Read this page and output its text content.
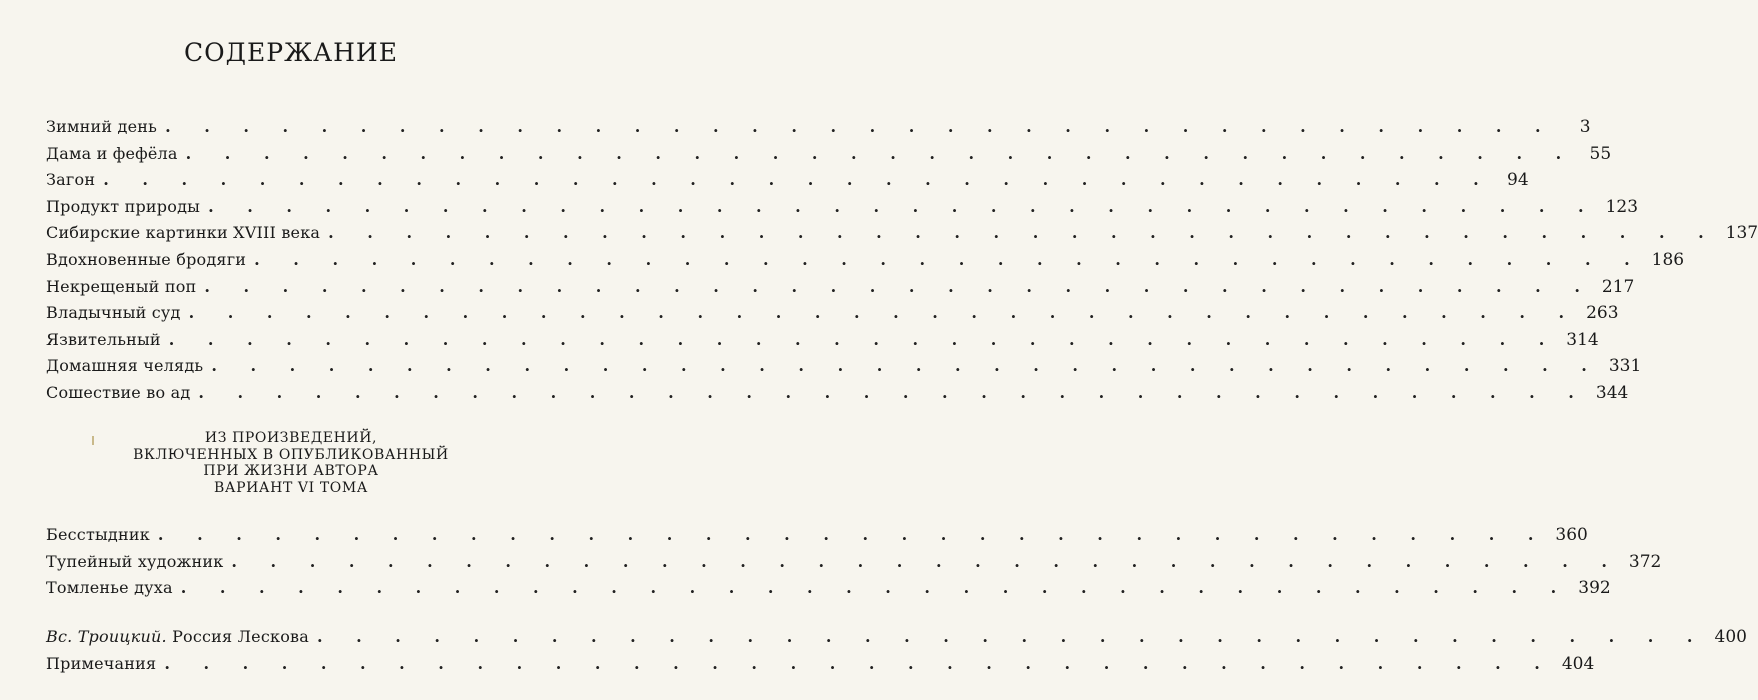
СОДЕРЖАНИЕ
Зимний день . . . . . . . . . . . . . . . . . . . . . . . . . . . . . . . . . . . .	3
Дама и фефёла . . . . . . . . . . . . . . . . . . . . . . . . . . . . . . . . . . . . 55
Загон . . . . . . . . . . . . . . . . . . . . . . . . . . . . . . . . . . . . 94
Продукт природы . . . . . . . . . . . . . . . . . . . . . . . . . . . . . . . . . . . . 123
Сибирские картинки XVIII века . . . . . . . . . . . . . . . . . . . . . . . . . . . . . . . . . . . . 137
Вдохновенные бродяги . . . . . . . . . . . . . . . . . . . . . . . . . . . . . . . . . . . . 186
Некрещеный поп . . . . . . . . . . . . . . . . . . . . . . . . . . . . . . . . . . . . 217
Владычный суд . . . . . . . . . . . . . . . . . . . . . . . . . . . . . . . . . . . . 263
Язвительный . . . . . . . . . . . . . . . . . . . . . . . . . . . . . . . . . . . . 314
Домашняя челядь . . . . . . . . . . . . . . . . . . . . . . . . . . . . . . . . . . . . 331
Сошествие во ад . . . . . . . . . . . . . . . . . . . . . . . . . . . . . . . . . . . . 344
ИЗ ПРОИЗВЕДЕНИЙ,
ВКЛЮЧЕННЫХ В ОПУБЛИКОВАННЫЙ
ПРИ ЖИЗНИ АВТОРА
ВАРИАНТ VI ТОМА
Бесстыдник . . . . . . . . . . . . . . . . . . . . . . . . . . . . . . . . . . . . 360
Тупейный художник . . . . . . . . . . . . . . . . . . . . . . . . . . . . . . . . . . . . 372
Томленье духа . . . . . . . . . . . . . . . . . . . . . . . . . . . . . . . . . . . . 392
Вс. Троицкий. Россия Лескова . . . . . . . . . . . . . . . . . . . . . . . . . . . . . . . . . . . . 400
Примечания . . . . . . . . . . . . . . . . . . . . . . . . . . . . . . . . . . . . 404
